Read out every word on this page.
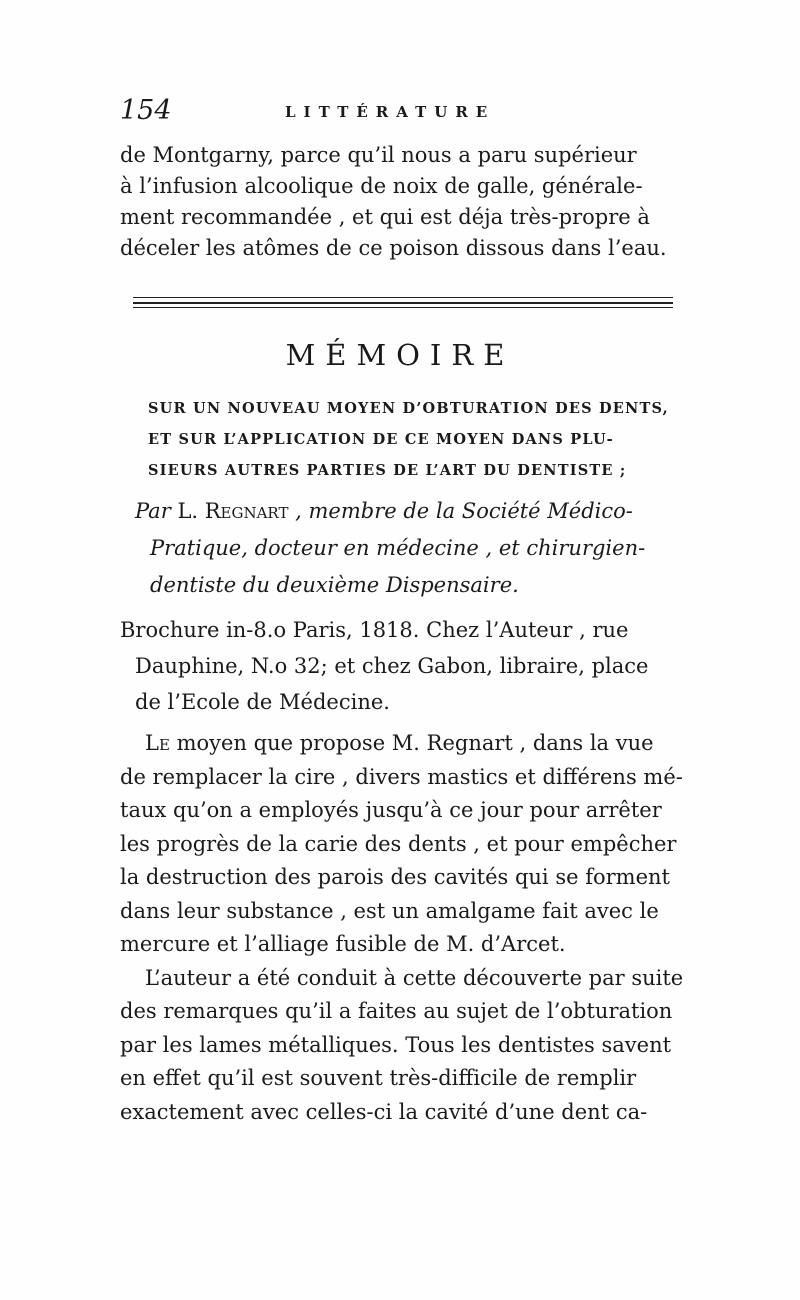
154	LITTÉRATURE
de Montgarny, parce qu’il nous a paru supérieur
à l’infusion alcoolique de noix de galle, générale-
ment recommandée , et qui est déja très-propre à
déceler les atômes de ce poison dissous dans l’eau.
MÉMOIRE
SUR UN NOUVEAU MOYEN D’OBTURATION DES DENTS,
ET SUR L’APPLICATION DE CE MOYEN DANS PLU-
SIEURS AUTRES PARTIES DE L’ART DU DENTISTE ;
Par L. Regnart , membre de la Société Médico-
Pratique, docteur en médecine , et chirurgien-
dentiste du deuxième Dispensaire.
Brochure in-8.o Paris, 1818. Chez l’Auteur , rue
Dauphine, N.o 32; et chez Gabon, libraire, place
de l’Ecole de Médecine.
Le moyen que propose M. Regnart , dans la vue
de remplacer la cire , divers mastics et différens mé-
taux qu’on a employés jusqu’à ce jour pour arrêter
les progrès de la carie des dents , et pour empêcher
la destruction des parois des cavités qui se forment
dans leur substance , est un amalgame fait avec le
mercure et l’alliage fusible de M. d’Arcet.
L’auteur a été conduit à cette découverte par suite
des remarques qu’il a faites au sujet de l’obturation
par les lames métalliques. Tous les dentistes savent
en effet qu’il est souvent très-difficile de remplir
exactement avec celles-ci la cavité d’une dent ca-
